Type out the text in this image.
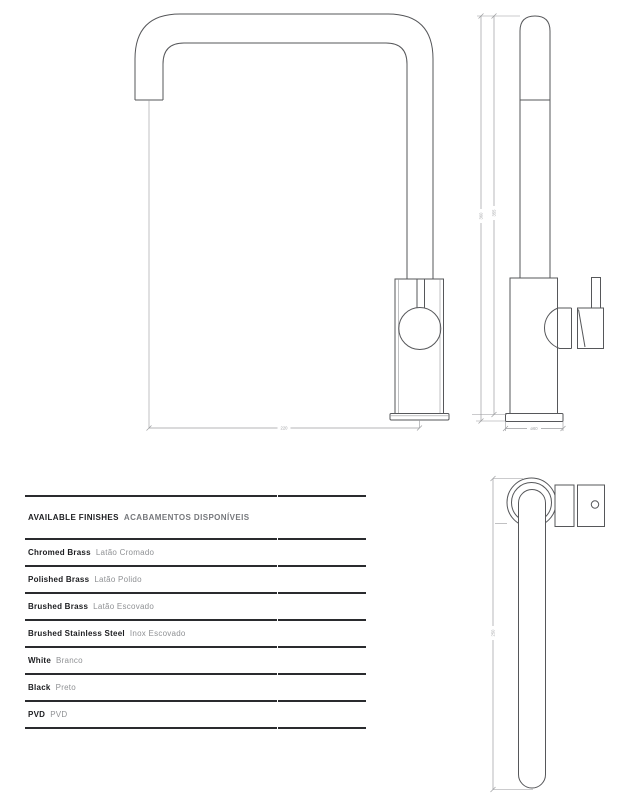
220
360 355
ø60
250
AVAILABLE FINISHES ACABAMENTOS DISPONÍVEIS
Chromed Brass Latão Cromado
Polished Brass Latão Polido
Brushed Brass Latão Escovado
Brushed Stainless Steel Inox Escovado
White Branco
Black Preto
PVD PVD
